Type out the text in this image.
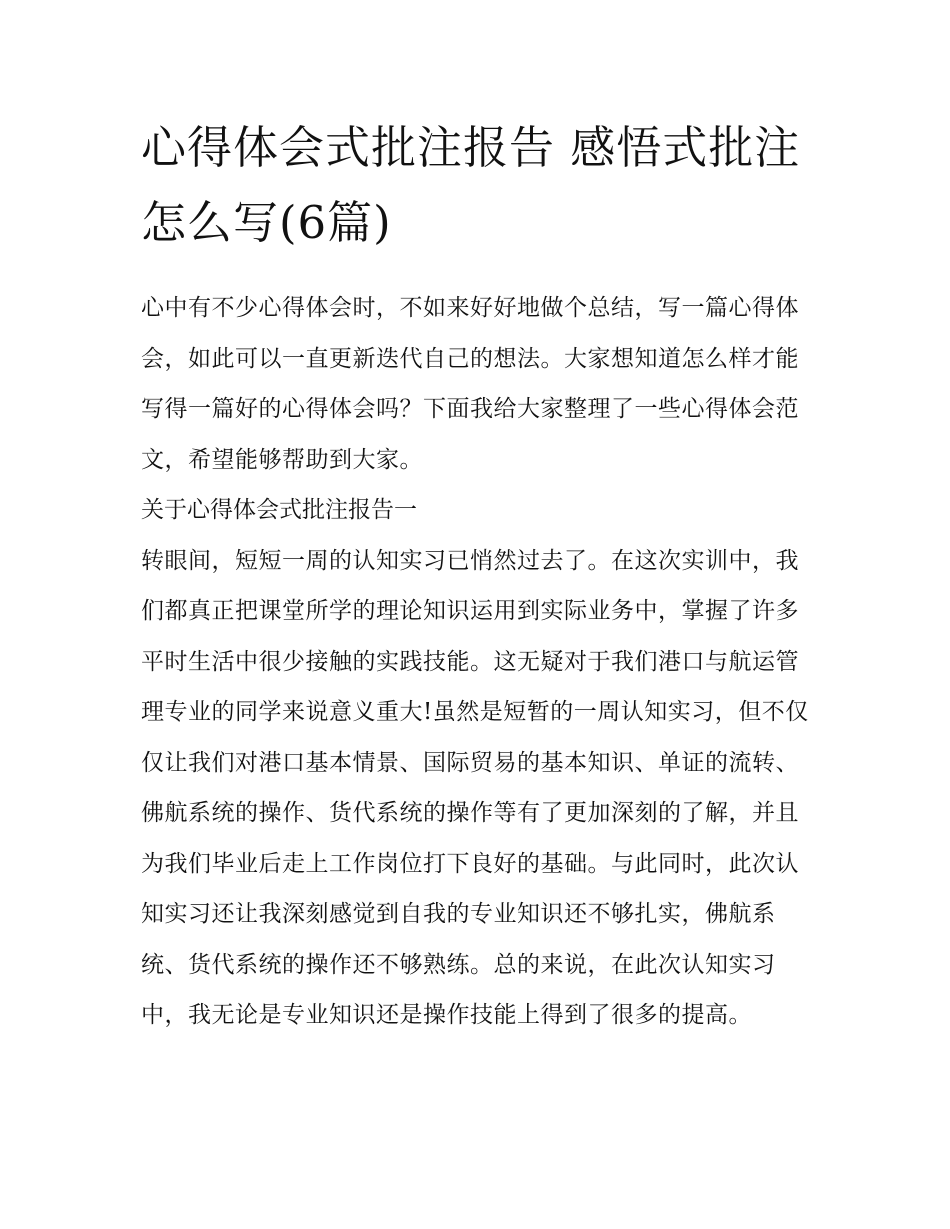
心得体会式批注报告 感悟式批注怎么写(6篇)

心中有不少心得体会时，不如来好好地做个总结，写一篇心得体会，如此可以一直更新迭代自己的想法。大家想知道怎么样才能写得一篇好的心得体会吗？下面我给大家整理了一些心得体会范文，希望能够帮助到大家。

关于心得体会式批注报告一

转眼间，短短一周的认知实习已悄然过去了。在这次实训中，我们都真正把课堂所学的理论知识运用到实际业务中，掌握了许多平时生活中很少接触的实践技能。这无疑对于我们港口与航运管理专业的同学来说意义重大!虽然是短暂的一周认知实习，但不仅仅让我们对港口基本情景、国际贸易的基本知识、单证的流转、佛航系统的操作、货代系统的操作等有了更加深刻的了解，并且为我们毕业后走上工作岗位打下良好的基础。与此同时，此次认知实习还让我深刻感觉到自我的专业知识还不够扎实，佛航系统、货代系统的操作还不够熟练。总的来说，在此次认知实习中，我无论是专业知识还是操作技能上得到了很多的提高。
